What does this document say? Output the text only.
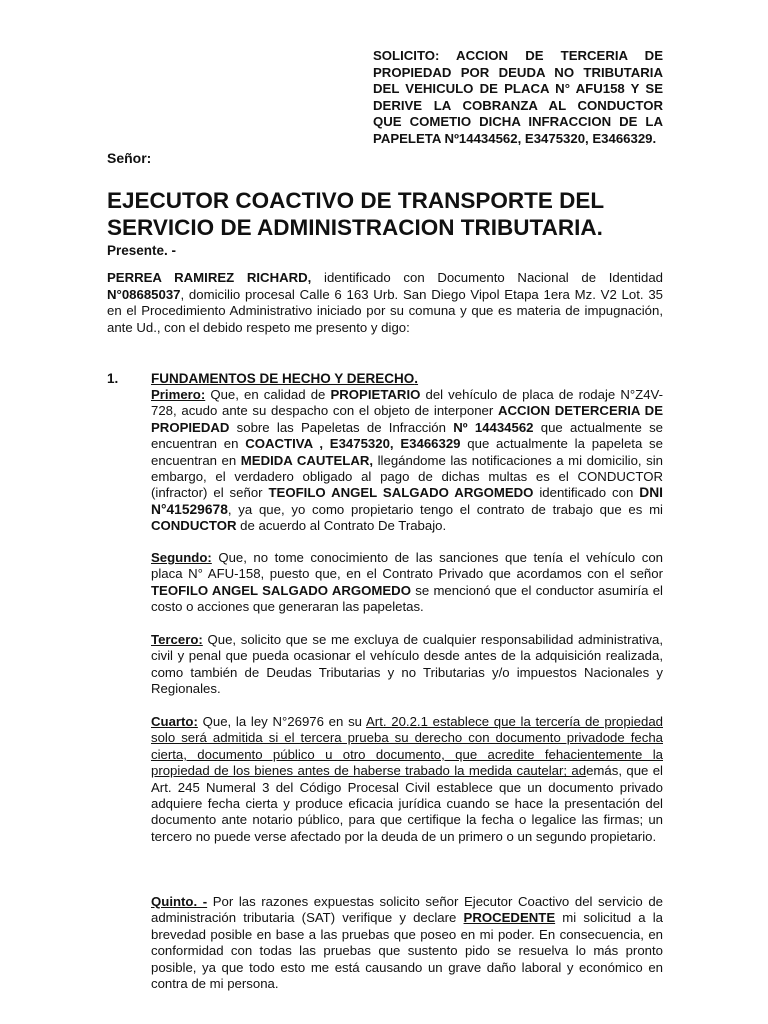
SOLICITO: ACCION DE TERCERIA DE PROPIEDAD POR DEUDA NO TRIBUTARIA DEL VEHICULO DE PLACA N° AFU158 Y SE DERIVE LA COBRANZA AL CONDUCTOR QUE COMETIO DICHA INFRACCION DE LA PAPELETA Nº14434562, E3475320, E3466329.
Señor:
EJECUTOR COACTIVO DE TRANSPORTE DEL SERVICIO DE ADMINISTRACION TRIBUTARIA.
Presente. -
PERREA RAMIREZ RICHARD, identificado con Documento Nacional de Identidad N°08685037, domicilio procesal Calle 6 163 Urb. San Diego Vipol Etapa 1era Mz. V2 Lot. 35 en el Procedimiento Administrativo iniciado por su comuna y que es materia de impugnación, ante Ud., con el debido respeto me presento y digo:
1. FUNDAMENTOS DE HECHO Y DERECHO.
Primero: Que, en calidad de PROPIETARIO del vehículo de placa de rodaje N°Z4V-728, acudo ante su despacho con el objeto de interponer ACCION DETERCERIA DE PROPIEDAD sobre las Papeletas de Infracción Nº 14434562 que actualmente se encuentran en COACTIVA , E3475320, E3466329 que actualmente la papeleta se encuentran en MEDIDA CAUTELAR, llegándome las notificaciones a mi domicilio, sin embargo, el verdadero obligado al pago de dichas multas es el CONDUCTOR (infractor) el señor TEOFILO ANGEL SALGADO ARGOMEDO identificado con DNI N°41529678, ya que, yo como propietario tengo el contrato de trabajo que es mi CONDUCTOR de acuerdo al Contrato De Trabajo.
Segundo: Que, no tome conocimiento de las sanciones que tenía el vehículo con placa N° AFU-158, puesto que, en el Contrato Privado que acordamos con el señor TEOFILO ANGEL SALGADO ARGOMEDO se mencionó que el conductor asumiría el costo o acciones que generaran las papeletas.
Tercero: Que, solicito que se me excluya de cualquier responsabilidad administrativa, civil y penal que pueda ocasionar el vehículo desde antes de la adquisición realizada, como también de Deudas Tributarias y no Tributarias y/o impuestos Nacionales y Regionales.
Cuarto: Que, la ley N°26976 en su Art. 20.2.1 establece que la tercería de propiedad solo será admitida si el tercera prueba su derecho con documento privadode fecha cierta, documento público u otro documento, que acredite fehacientemente la propiedad de los bienes antes de haberse trabado la medida cautelar; además, que el Art. 245 Numeral 3 del Código Procesal Civil establece que un documento privado adquiere fecha cierta y produce eficacia jurídica cuando se hace la presentación del documento ante notario público, para que certifique la fecha o legalice las firmas; un tercero no puede verse afectado por la deuda de un primero o un segundo propietario.
Quinto. - Por las razones expuestas solicito señor Ejecutor Coactivo del servicio de administración tributaria (SAT) verifique y declare PROCEDENTE mi solicitud a la brevedad posible en base a las pruebas que poseo en mi poder. En consecuencia, en conformidad con todas las pruebas que sustento pido se resuelva lo más pronto posible, ya que todo esto me está causando un grave daño laboral y económico en contra de mi persona.
